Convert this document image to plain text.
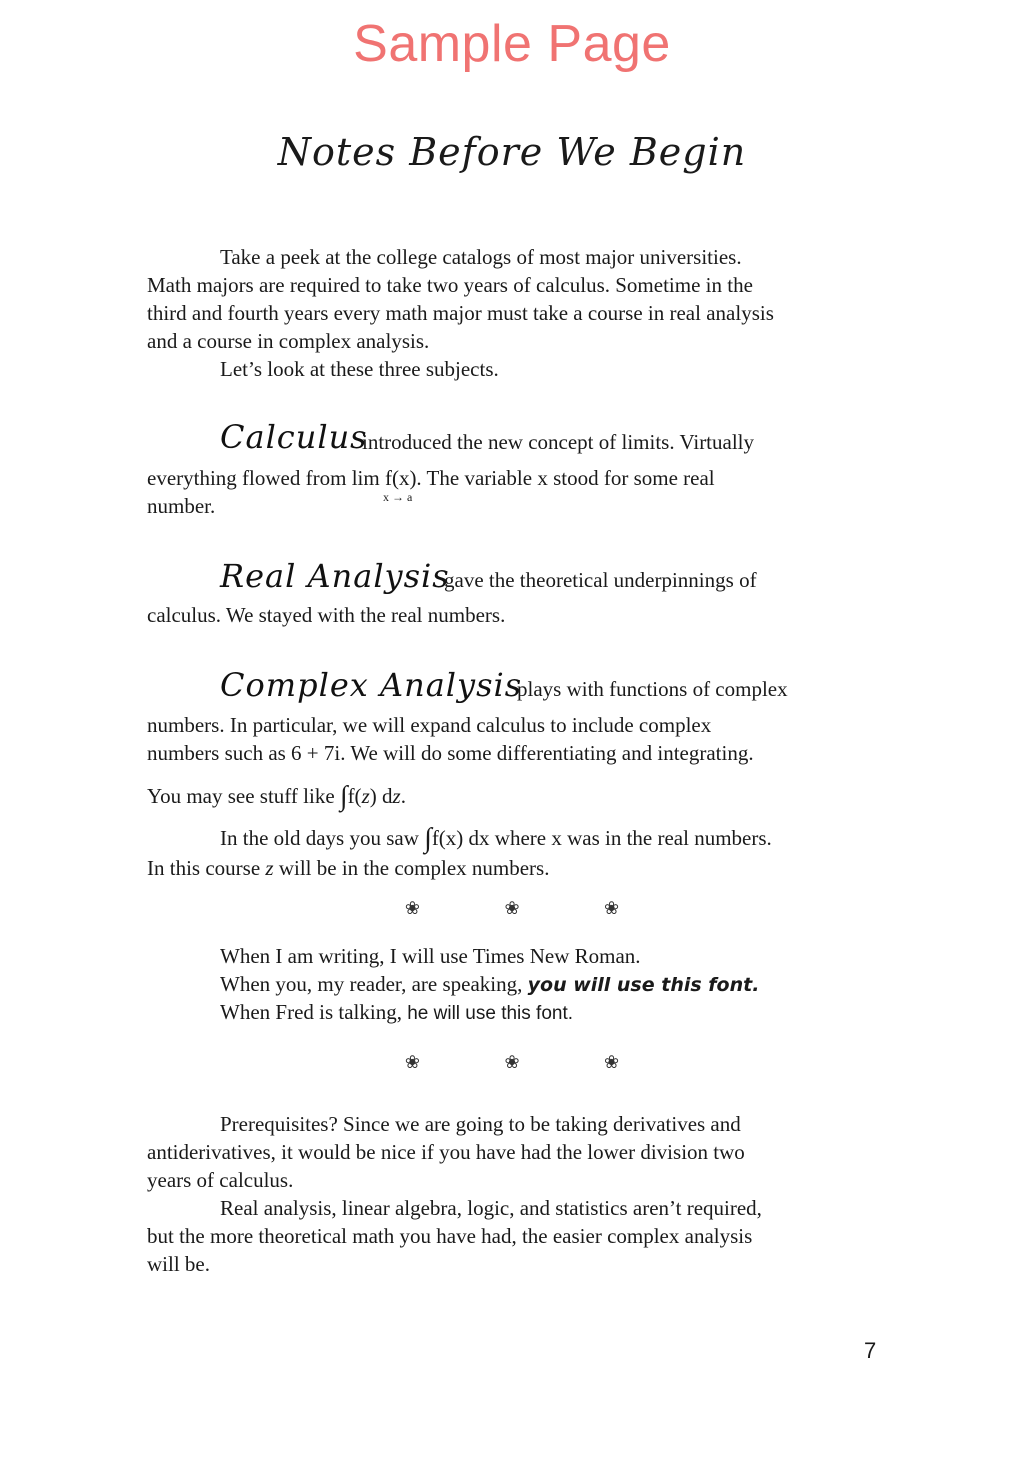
Sample Page
Notes Before We Begin
Take a peek at the college catalogs of most major universities.
Math majors are required to take two years of calculus. Sometime in the
third and fourth years every math major must take a course in real analysis
and a course in complex analysis.
Let’s look at these three subjects.
Calculus
introduced the new concept of limits. Virtually
everything flowed from lim f(x). The variable x stood for some real
x → a
number.
Real Analysis
gave the theoretical underpinnings of
calculus. We stayed with the real numbers.
Complex Analysis
plays with functions of complex
numbers. In particular, we will expand calculus to include complex
numbers such as 6 + 7i. We will do some differentiating and integrating.
You may see stuff like ∫f(z) dz.
In the old days you saw ∫f(x) dx where x was in the real numbers.
In this course z will be in the complex numbers.
❀	❀	❀
When I am writing, I will use Times New Roman.
When you, my reader, are speaking, you will use this font.
When Fred is talking, he will use this font.
❀	❀	❀
Prerequisites? Since we are going to be taking derivatives and
antiderivatives, it would be nice if you have had the lower division two
years of calculus.
Real analysis, linear algebra, logic, and statistics aren’t required,
but the more theoretical math you have had, the easier complex analysis
will be.
7
